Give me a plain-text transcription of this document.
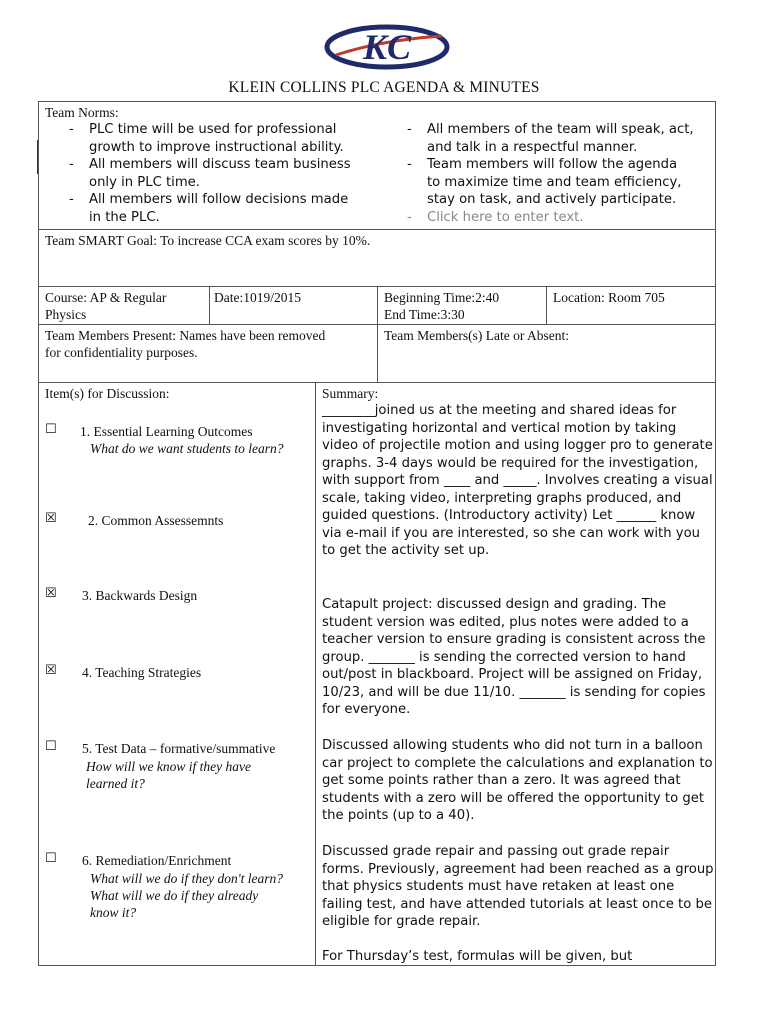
KC
KLEIN COLLINS PLC AGENDA & MINUTES
Team Norms:
- PLC time will be used for professional
growth to improve instructional ability.
- All members will discuss team business
only in PLC time.
- All members will follow decisions made
in the PLC.
- All members of the team will speak, act,
and talk in a respectful manner.
- Team members will follow the agenda
to maximize time and team efficiency,
stay on task, and actively participate.
- Click here to enter text.
Team SMART Goal: To increase CCA exam scores by 10%.
Course: AP & Regular
Physics
Date:1019/2015	Beginning Time:2:40
End Time:3:30
Location: Room 705
Team Members Present: Names have been removed
for confidentiality purposes.
Team Members(s) Late or Absent:
Item(s) for Discussion:
☐ 1. Essential Learning Outcomes
What do we want students to learn?
☒ 2. Common Assessemnts
☒ 3. Backwards Design
☒ 4. Teaching Strategies
☐ 5. Test Data – formative/summative
How will we know if they have
learned it?
☐ 6. Remediation/Enrichment
What will we do if they don't learn?
What will we do if they already
know it?
Summary:
________joined us at the meeting and shared ideas for investigating horizontal and vertical motion by taking video of projectile motion and using logger pro to generate graphs. 3-4 days would be required for the investigation, with support from ____ and _____. Involves creating a visual scale, taking video, interpreting graphs produced, and guided questions. (Introductory activity) Let ______ know via e-mail if you are interested, so she can work with you to get the activity set up.
Catapult project: discussed design and grading. The student version was edited, plus notes were added to a teacher version to ensure grading is consistent across the group. _______ is sending the corrected version to hand out/post in blackboard. Project will be assigned on Friday, 10/23, and will be due 11/10. _______ is sending for copies for everyone.
Discussed allowing students who did not turn in a balloon car project to complete the calculations and explanation to get some points rather than a zero. It was agreed that students with a zero will be offered the opportunity to get the points (up to a 40).
Discussed grade repair and passing out grade repair forms. Previously, agreement had been reached as a group that physics students must have retaken at least one failing test, and have attended tutorials at least once to be eligible for grade repair.
For Thursday’s test, formulas will be given, but
